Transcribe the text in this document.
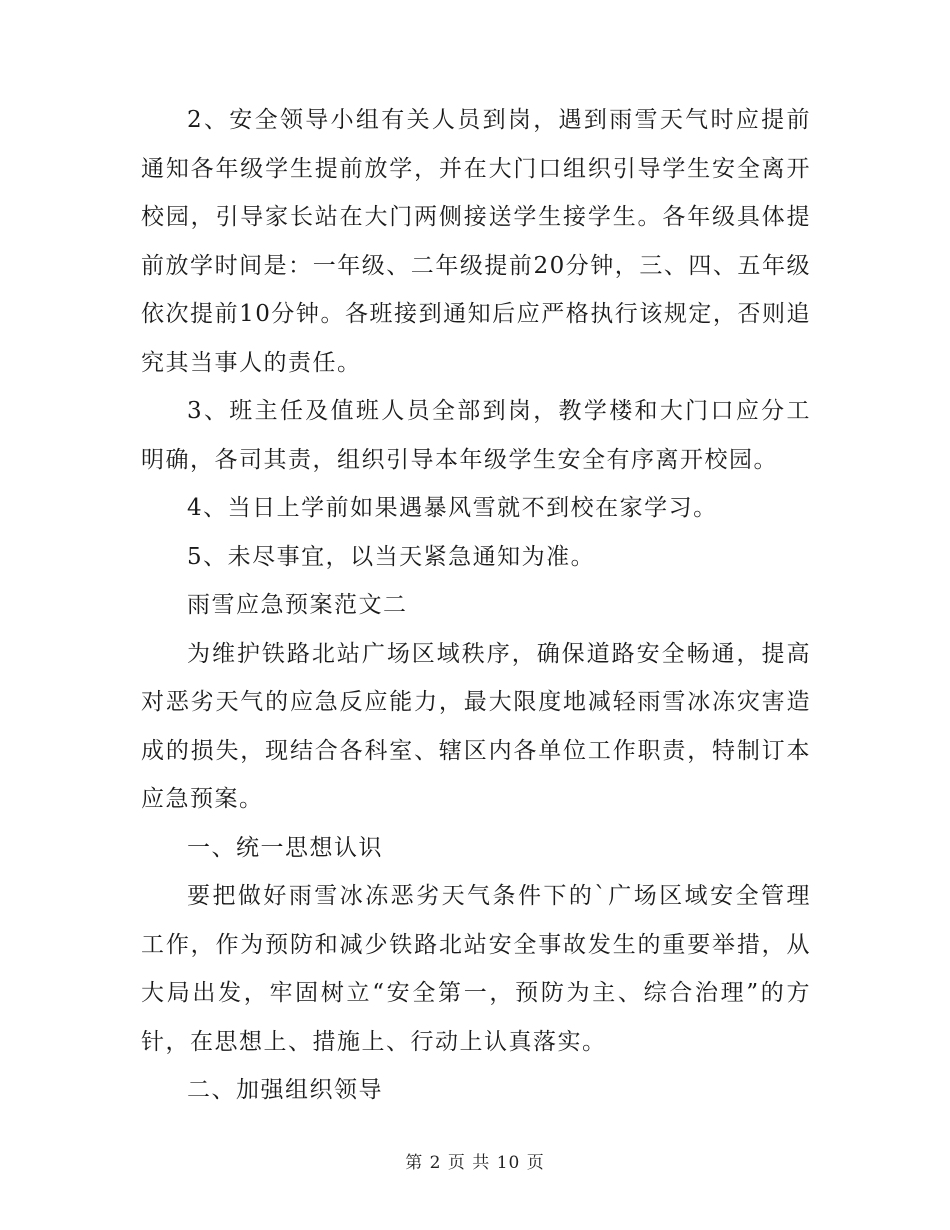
2、安全领导小组有关人员到岗，遇到雨雪天气时应提前通知各年级学生提前放学，并在大门口组织引导学生安全离开校园，引导家长站在大门两侧接送学生接学生。各年级具体提前放学时间是：一年级、二年级提前20分钟，三、四、五年级依次提前10分钟。各班接到通知后应严格执行该规定，否则追究其当事人的责任。

3、班主任及值班人员全部到岗，教学楼和大门口应分工明确，各司其责，组织引导本年级学生安全有序离开校园。

4、当日上学前如果遇暴风雪就不到校在家学习。

5、未尽事宜，以当天紧急通知为准。

雨雪应急预案范文二

为维护铁路北站广场区域秩序，确保道路安全畅通，提高对恶劣天气的应急反应能力，最大限度地减轻雨雪冰冻灾害造成的损失，现结合各科室、辖区内各单位工作职责，特制订本应急预案。

一、统一思想认识

要把做好雨雪冰冻恶劣天气条件下的`广场区域安全管理工作，作为预防和减少铁路北站安全事故发生的重要举措，从大局出发，牢固树立“安全第一，预防为主、综合治理”的方针，在思想上、措施上、行动上认真落实。

二、加强组织领导

第 2 页 共 10 页
